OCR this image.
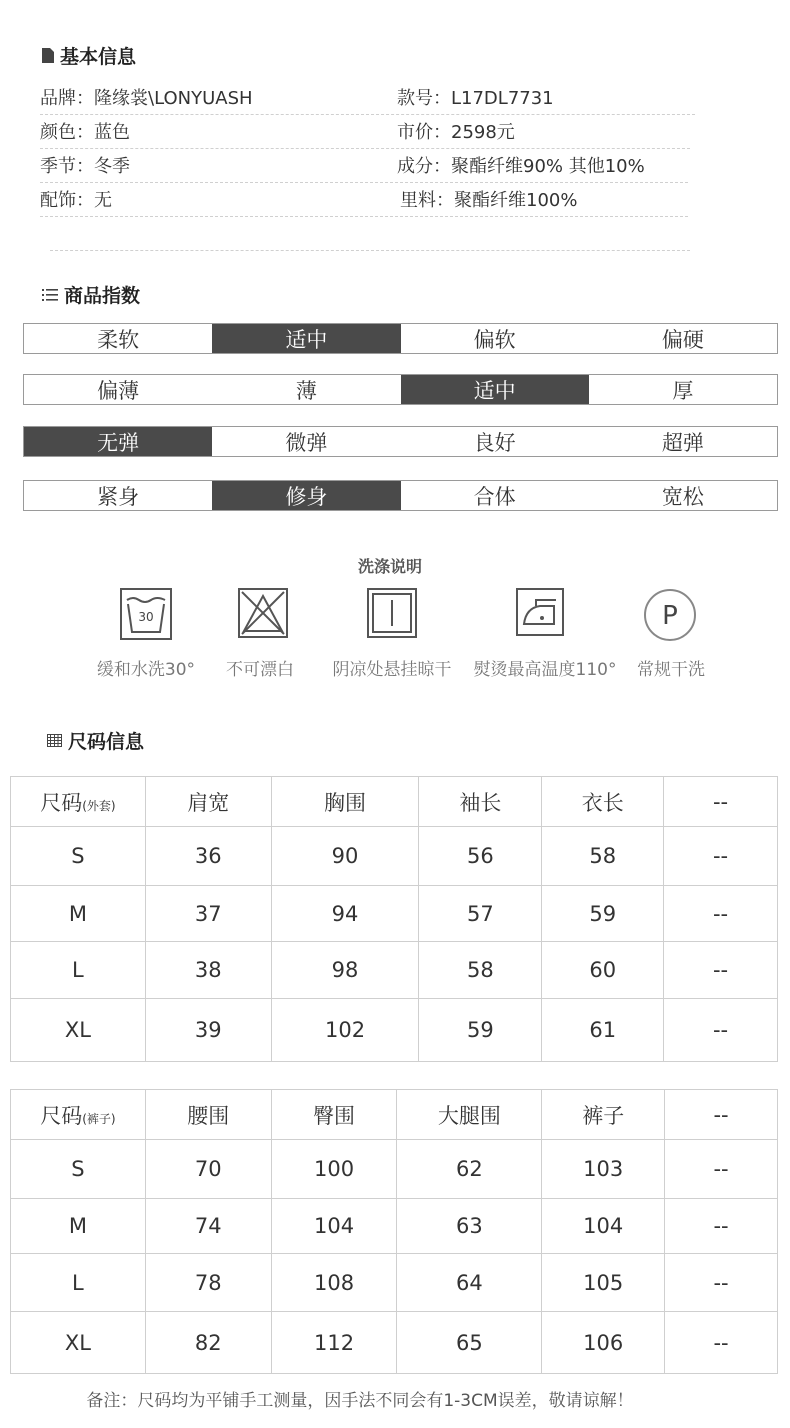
基本信息
品牌：隆缘裳\LONYUASH	款号：L17DL7731
颜色：蓝色	市价：2598元
季节：冬季	成分：聚酯纤维90% 其他10%
配饰：无	里料：聚酯纤维100%
商品指数
柔软	适中	偏软	偏硬
偏薄	薄	适中	厚
无弹	微弹	良好	超弹
紧身	修身	合体	宽松
洗涤说明
30	P
缓和水洗30° 不可漂白 阴凉处悬挂晾干 熨烫最高温度110° 常规干洗
尺码信息
尺码(外套)	肩宽	胸围	袖长	衣长	--
S	36	90	56	58	--
M	37	94	57	59	--
L	38	98	58	60	--
XL	39	102	59	61	--
尺码(裤子)	腰围	臀围	大腿围	裤子	--
S	70	100	62	103	--
M	74	104	63	104	--
L	78	108	64	105	--
XL	82	112	65	106	--
备注：尺码均为平铺手工测量，因手法不同会有1-3CM误差，敬请谅解！
